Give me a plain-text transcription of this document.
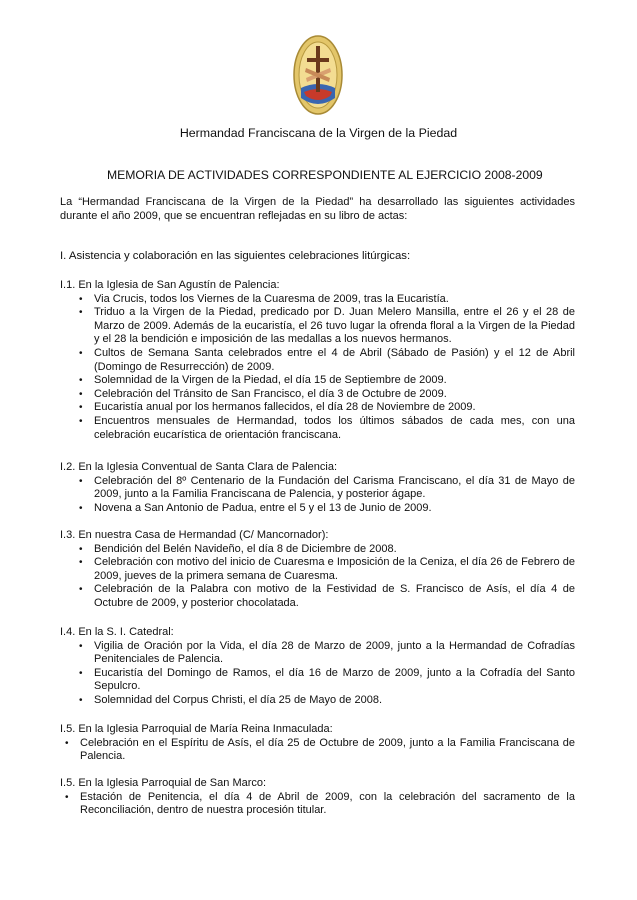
Hermandad Franciscana de la Virgen de la Piedad
MEMORIA DE ACTIVIDADES CORRESPONDIENTE AL EJERCICIO 2008-2009
La “Hermandad Franciscana de la Virgen de la Piedad” ha desarrollado las siguientes actividades durante el año 2009, que se encuentran reflejadas en su libro de actas:
I. Asistencia y colaboración en las siguientes celebraciones litúrgicas:
I.1. En la Iglesia de San Agustín de Palencia:
• Via Crucis, todos los Viernes de la Cuaresma de 2009, tras la Eucaristía.
• Triduo a la Virgen de la Piedad, predicado por D. Juan Melero Mansilla, entre el 26 y el 28 de Marzo de 2009. Además de la eucaristía, el 26 tuvo lugar la ofrenda floral a la Virgen de la Piedad y el 28 la bendición e imposición de las medallas a los nuevos hermanos.
• Cultos de Semana Santa celebrados entre el 4 de Abril (Sábado de Pasión) y el 12 de Abril (Domingo de Resurrección) de 2009.
• Solemnidad de la Virgen de la Piedad, el día 15 de Septiembre de 2009.
• Celebración del Tránsito de San Francisco, el día 3 de Octubre de 2009.
• Eucaristía anual por los hermanos fallecidos, el día 28 de Noviembre de 2009.
• Encuentros mensuales de Hermandad, todos los últimos sábados de cada mes, con una celebración eucarística de orientación franciscana.
I.2. En la Iglesia Conventual de Santa Clara de Palencia:
• Celebración del 8º Centenario de la Fundación del Carisma Franciscano, el día 31 de Mayo de 2009, junto a la Familia Franciscana de Palencia, y posterior ágape.
• Novena a San Antonio de Padua, entre el 5 y el 13 de Junio de 2009.
I.3. En nuestra Casa de Hermandad (C/ Mancornador):
• Bendición del Belén Navideño, el día 8 de Diciembre de 2008.
• Celebración con motivo del inicio de Cuaresma e Imposición de la Ceniza, el día 26 de Febrero de 2009, jueves de la primera semana de Cuaresma.
• Celebración de la Palabra con motivo de la Festividad de S. Francisco de Asís, el día 4 de Octubre de 2009, y posterior chocolatada.
I.4. En la S. I. Catedral:
• Vigilia de Oración por la Vida, el día 28 de Marzo de 2009, junto a la Hermandad de Cofradías Penitenciales de Palencia.
• Eucaristía del Domingo de Ramos, el día 16 de Marzo de 2009, junto a la Cofradía del Santo Sepulcro.
• Solemnidad del Corpus Christi, el día 25 de Mayo de 2008.
I.5. En la Iglesia Parroquial de María Reina Inmaculada:
• Celebración en el Espíritu de Asís, el día 25 de Octubre de 2009, junto a la Familia Franciscana de Palencia.
I.5. En la Iglesia Parroquial de San Marco:
• Estación de Penitencia, el día 4 de Abril de 2009, con la celebración del sacramento de la Reconciliación, dentro de nuestra procesión titular.
